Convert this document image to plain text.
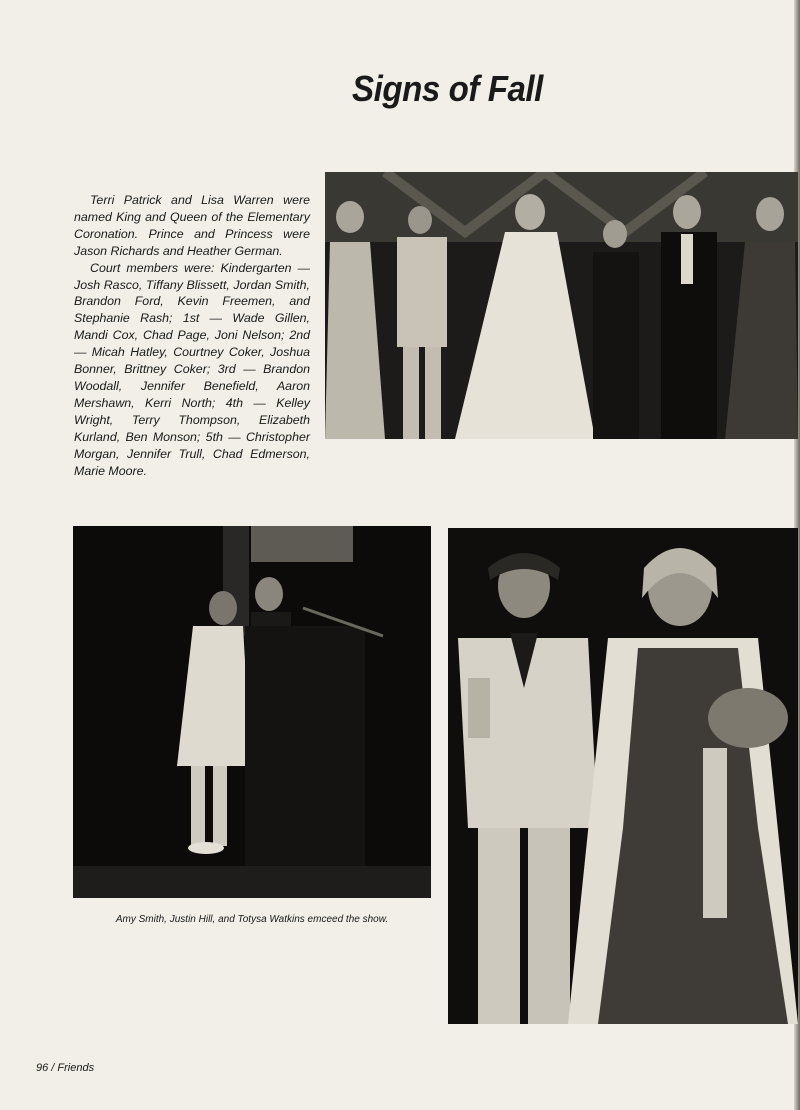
Signs of Fall

Terri Patrick and Lisa Warren were named King and Queen of the Elementary Coronation. Prince and Princess were Jason Richards and Heather German.

Court members were: Kindergarten — Josh Rasco, Tiffany Blissett, Jordan Smith, Brandon Ford, Kevin Freemen, and Stephanie Rash; 1st — Wade Gillen, Mandi Cox, Chad Page, Joni Nelson; 2nd — Micah Hatley, Courtney Coker, Joshua Bonner, Brittney Coker; 3rd — Brandon Woodall, Jennifer Benefield, Aaron Mershawn, Kerri North; 4th — Kelley Wright, Terry Thompson, Elizabeth Kurland, Ben Monson; 5th — Christopher Morgan, Jennifer Trull, Chad Edmerson, Marie Moore.

Amy Smith, Justin Hill, and Totysa Watkins emceed the show.
96 / Friends
